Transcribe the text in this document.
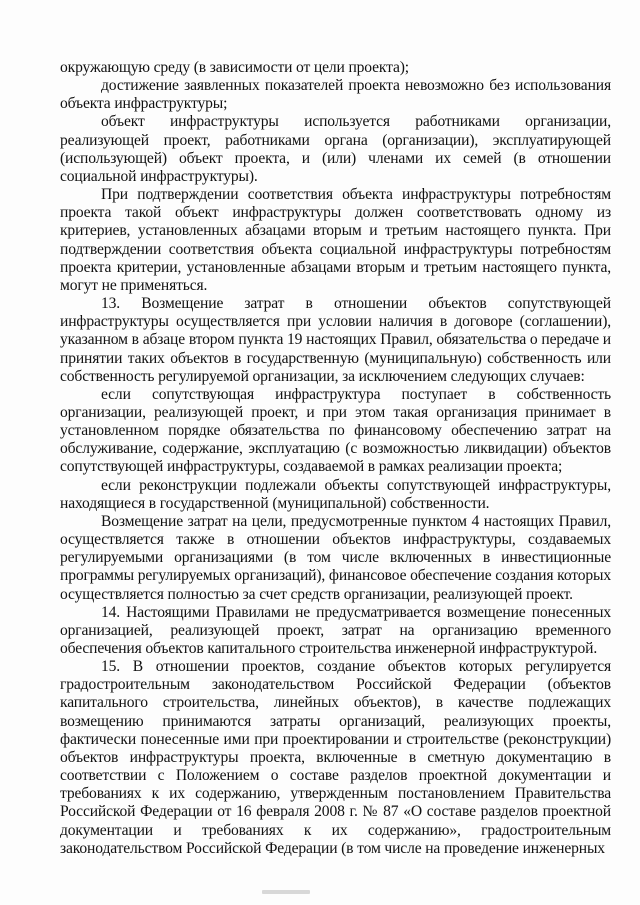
окружающую среду (в зависимости от цели проекта);

достижение заявленных показателей проекта невозможно без использования объекта инфраструктуры;

объект инфраструктуры используется работниками организации, реализующей проект, работниками органа (организации), эксплуатирующей (использующей) объект проекта, и (или) членами их семей (в отношении социальной инфраструктуры).

При подтверждении соответствия объекта инфраструктуры потребностям проекта такой объект инфраструктуры должен соответствовать одному из критериев, установленных абзацами вторым и третьим настоящего пункта. При подтверждении соответствия объекта социальной инфраструктуры потребностям проекта критерии, установленные абзацами вторым и третьим настоящего пункта, могут не применяться.

13. Возмещение затрат в отношении объектов сопутствующей инфраструктуры осуществляется при условии наличия в договоре (соглашении), указанном в абзаце втором пункта 19 настоящих Правил, обязательства о передаче и принятии таких объектов в государственную (муниципальную) собственность или собственность регулируемой организации, за исключением следующих случаев:

если сопутствующая инфраструктура поступает в собственность организации, реализующей проект, и при этом такая организация принимает в установленном порядке обязательства по финансовому обеспечению затрат на обслуживание, содержание, эксплуатацию (с возможностью ликвидации) объектов сопутствующей инфраструктуры, создаваемой в рамках реализации проекта;

если реконструкции подлежали объекты сопутствующей инфраструктуры, находящиеся в государственной (муниципальной) собственности.

Возмещение затрат на цели, предусмотренные пунктом 4 настоящих Правил, осуществляется также в отношении объектов инфраструктуры, создаваемых регулируемыми организациями (в том числе включенных в инвестиционные программы регулируемых организаций), финансовое обеспечение создания которых осуществляется полностью за счет средств организации, реализующей проект.

14. Настоящими Правилами не предусматривается возмещение понесенных организацией, реализующей проект, затрат на организацию временного обеспечения объектов капитального строительства инженерной инфраструктурой.

15. В отношении проектов, создание объектов которых регулируется градостроительным законодательством Российской Федерации (объектов капитального строительства, линейных объектов), в качестве подлежащих возмещению принимаются затраты организаций, реализующих проекты, фактически понесенные ими при проектировании и строительстве (реконструкции) объектов инфраструктуры проекта, включенные в сметную документацию в соответствии с Положением о составе разделов проектной документации и требованиях к их содержанию, утвержденным постановлением Правительства Российской Федерации от 16 февраля 2008 г. № 87 «О составе разделов проектной документации и требованиях к их содержанию», градостроительным законодательством Российской Федерации (в том числе на проведение инженерных
